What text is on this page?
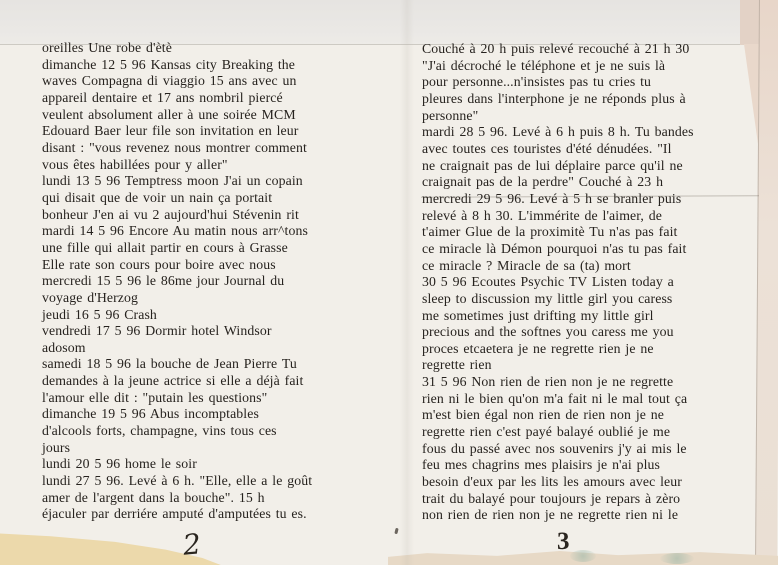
oreilles Une robe d'ètè
dimanche 12 5 96 Kansas city Breaking the
waves Compagna di viaggio 15 ans avec un
appareil dentaire et 17 ans nombril piercé
veulent absolument aller à une soirée MCM
Edouard Baer leur file son invitation en leur
disant : "vous revenez nous montrer comment
vous êtes habillées pour y aller"
lundi 13 5 96 Temptress moon J'ai un copain
qui disait que de voir un nain ça portait
bonheur J'en ai vu 2 aujourd'hui Stévenin rit
mardi 14 5 96 Encore Au matin nous arr^tons
une fille qui allait partir en cours à Grasse
Elle rate son cours pour boire avec nous
mercredi 15 5 96 le 86me jour Journal du
voyage d'Herzog
jeudi 16 5 96 Crash
vendredi 17 5 96 Dormir hotel Windsor
adosom
samedi 18 5 96 la bouche de Jean Pierre Tu
demandes à la jeune actrice si elle a déjà fait
l'amour elle dit : "putain les questions"
dimanche 19 5 96 Abus incomptables
d'alcools forts, champagne, vins tous ces
jours
lundi 20 5 96 home le soir
lundi 27 5 96. Levé à 6 h. "Elle, elle a le goût
amer de l'argent dans la bouche". 15 h
éjaculer par derriére amputé d'amputées tu es.
2
Couché à 20 h puis relevé recouché à 21 h 30
"J'ai décroché le téléphone et je ne suis là
pour personne...n'insistes pas tu cries tu
pleures dans l'interphone je ne réponds plus à
personne"
mardi 28 5 96. Levé à 6 h puis 8 h. Tu bandes
avec toutes ces touristes d'été dénudées. "Il
ne craignait pas de lui déplaire parce qu'il ne
craignait pas de la perdre" Couché à 23 h
mercredi 29 5 96. Levé à 5 h se branler puis
relevé à 8 h 30. L'immérite de l'aimer, de
t'aimer Glue de la proximitè Tu n'as pas fait
ce miracle là Démon pourquoi n'as tu pas fait
ce miracle ? Miracle de sa (ta) mort
30 5 96 Ecoutes Psychic TV Listen today a
sleep to discussion my little girl you caress
me sometimes just drifting my little girl
precious and the softnes you caress me you
proces etcaetera je ne regrette rien je ne
regrette rien
31 5 96 Non rien de rien non je ne regrette
rien ni le bien qu'on m'a fait ni le mal tout ça
m'est bien égal non rien de rien non je ne
regrette rien c'est payé balayé oublié je me
fous du passé avec nos souvenirs j'y ai mis le
feu mes chagrins mes plaisirs je n'ai plus
besoin d'eux par les lits les amours avec leur
trait du balayé pour toujours je repars à zèro
non rien de rien non je ne regrette rien ni le
3
